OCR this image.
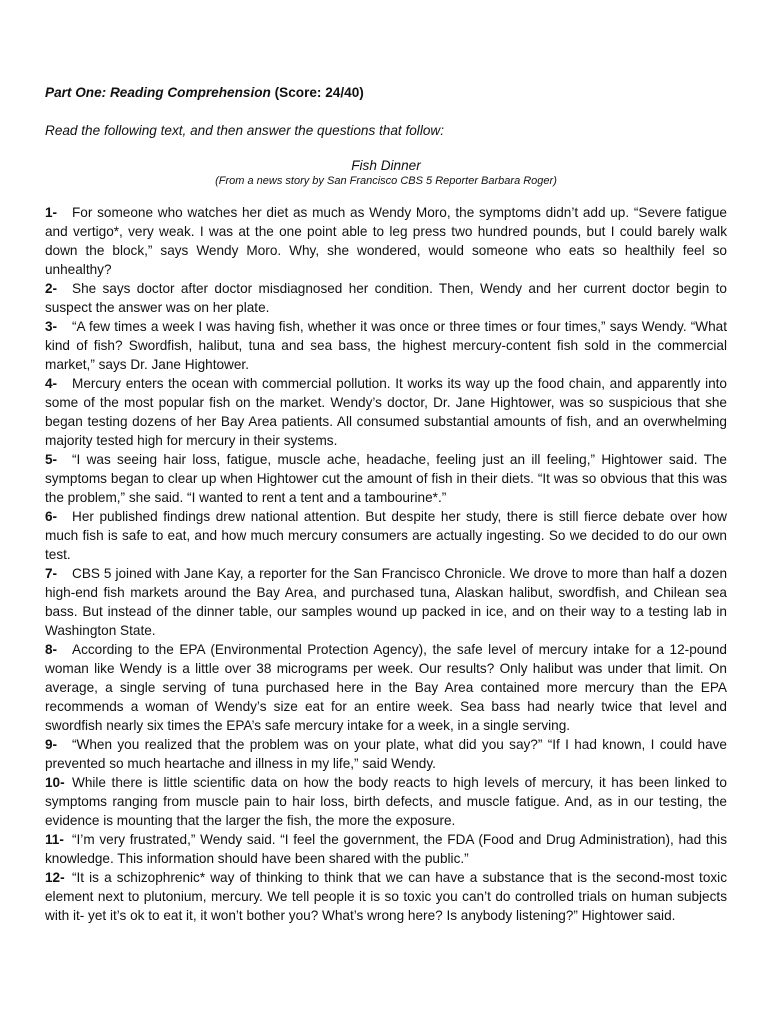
Part One: Reading Comprehension (Score: 24/40)

Read the following text, and then answer the questions that follow:

Fish Dinner

(From a news story by San Francisco CBS 5 Reporter Barbara Roger)

1- For someone who watches her diet as much as Wendy Moro, the symptoms didn’t add up. “Severe fatigue and vertigo*, very weak. I was at the one point able to leg press two hundred pounds, but I could barely walk down the block,” says Wendy Moro. Why, she wondered, would someone who eats so healthily feel so unhealthy?

2- She says doctor after doctor misdiagnosed her condition. Then, Wendy and her current doctor begin to suspect the answer was on her plate.

3- “A few times a week I was having fish, whether it was once or three times or four times,” says Wendy. “What kind of fish? Swordfish, halibut, tuna and sea bass, the highest mercury-content fish sold in the commercial market,” says Dr. Jane Hightower.

4- Mercury enters the ocean with commercial pollution. It works its way up the food chain, and apparently into some of the most popular fish on the market. Wendy’s doctor, Dr. Jane Hightower, was so suspicious that she began testing dozens of her Bay Area patients. All consumed substantial amounts of fish, and an overwhelming majority tested high for mercury in their systems.

5- “I was seeing hair loss, fatigue, muscle ache, headache, feeling just an ill feeling,” Hightower said. The symptoms began to clear up when Hightower cut the amount of fish in their diets. “It was so obvious that this was the problem,” she said. “I wanted to rent a tent and a tambourine*.”

6- Her published findings drew national attention. But despite her study, there is still fierce debate over how much fish is safe to eat, and how much mercury consumers are actually ingesting. So we decided to do our own test.

7- CBS 5 joined with Jane Kay, a reporter for the San Francisco Chronicle. We drove to more than half a dozen high-end fish markets around the Bay Area, and purchased tuna, Alaskan halibut, swordfish, and Chilean sea bass. But instead of the dinner table, our samples wound up packed in ice, and on their way to a testing lab in Washington State.

8- According to the EPA (Environmental Protection Agency), the safe level of mercury intake for a 12-pound woman like Wendy is a little over 38 micrograms per week. Our results? Only halibut was under that limit. On average, a single serving of tuna purchased here in the Bay Area contained more mercury than the EPA recommends a woman of Wendy’s size eat for an entire week. Sea bass had nearly twice that level and swordfish nearly six times the EPA’s safe mercury intake for a week, in a single serving.

9- “When you realized that the problem was on your plate, what did you say?” “If I had known, I could have prevented so much heartache and illness in my life,” said Wendy.

10- While there is little scientific data on how the body reacts to high levels of mercury, it has been linked to symptoms ranging from muscle pain to hair loss, birth defects, and muscle fatigue. And, as in our testing, the evidence is mounting that the larger the fish, the more the exposure.

11- “I’m very frustrated,” Wendy said. “I feel the government, the FDA (Food and Drug Administration), had this knowledge. This information should have been shared with the public.”

12- “It is a schizophrenic* way of thinking to think that we can have a substance that is the second-most toxic element next to plutonium, mercury. We tell people it is so toxic you can’t do controlled trials on human subjects with it- yet it’s ok to eat it, it won’t bother you? What’s wrong here? Is anybody listening?” Hightower said.
